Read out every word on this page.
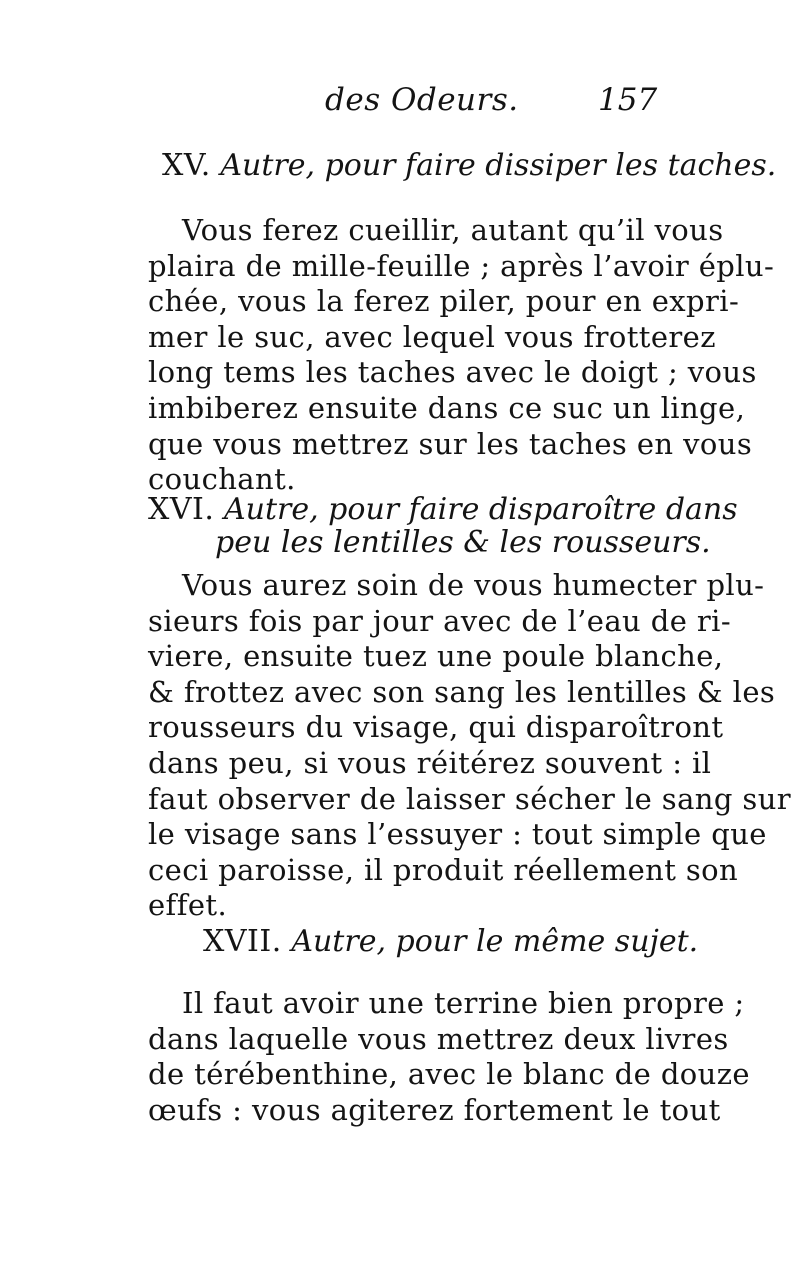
des Odeurs.	157
XV. Autre, pour faire dissiper les taches.
Vous ferez cueillir, autant qu’il vous
plaira de mille-feuille ; après l’avoir éplu-
chée, vous la ferez piler, pour en expri-
mer le suc, avec lequel vous frotterez
long tems les taches avec le doigt ; vous
imbiberez ensuite dans ce suc un linge,
que vous mettrez sur les taches en vous
couchant.
XVI. Autre, pour faire disparoître dans
peu les lentilles & les rousseurs.
Vous aurez soin de vous humecter plu-
sieurs fois par jour avec de l’eau de ri-
viere, ensuite tuez une poule blanche,
& frottez avec son sang les lentilles & les
rousseurs du visage, qui disparoîtront
dans peu, si vous réitérez souvent : il
faut observer de laisser sécher le sang sur
le visage sans l’essuyer : tout simple que
ceci paroisse, il produit réellement son
effet.
XVII. Autre, pour le même sujet.
Il faut avoir une terrine bien propre ;
dans laquelle vous mettrez deux livres
de térébenthine, avec le blanc de douze
œufs : vous agiterez fortement le tout
